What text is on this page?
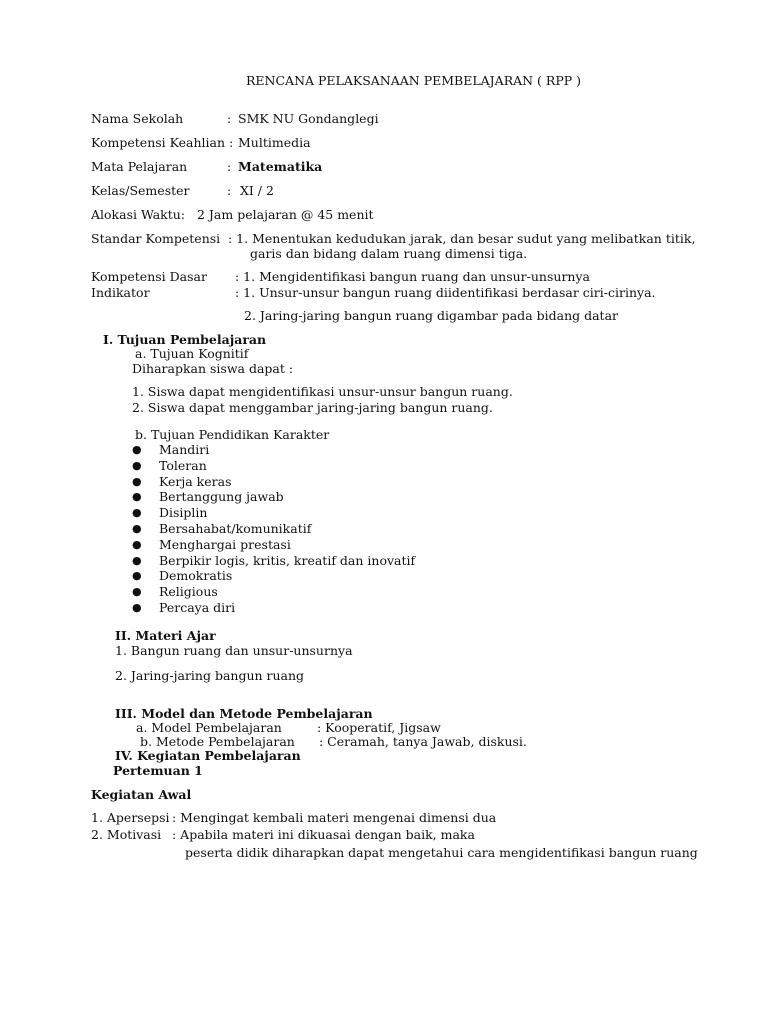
RENCANA PELAKSANAAN PEMBELAJARAN ( RPP )
Nama Sekolah	: SMK NU Gondanglegi
Kompetensi Keahlian : Multimedia
Mata Pelajaran	: Matematika
Kelas/Semester	: XI / 2
Alokasi Waktu: 2 Jam pelajaran @ 45 menit
Standar Kompetensi : 1. Menentukan kedudukan jarak, dan besar sudut yang melibatkan titik,
garis dan bidang dalam ruang dimensi tiga.
Kompetensi Dasar : 1. Mengidentifikasi bangun ruang dan unsur-unsurnya
Indikator	: 1. Unsur-unsur bangun ruang diidentifikasi berdasar ciri-cirinya.
2. Jaring-jaring bangun ruang digambar pada bidang datar
I. Tujuan Pembelajaran
a. Tujuan Kognitif
Diharapkan siswa dapat :
1. Siswa dapat mengidentifikasi unsur-unsur bangun ruang.
2. Siswa dapat menggambar jaring-jaring bangun ruang.
b. Tujuan Pendidikan Karakter
● Mandiri
● Toleran
● Kerja keras
● Bertanggung jawab
● Disiplin
● Bersahabat/komunikatif
● Menghargai prestasi
● Berpikir logis, kritis, kreatif dan inovatif
● Demokratis
● Religious
● Percaya diri
II. Materi Ajar
1. Bangun ruang dan unsur-unsurnya
2. Jaring-jaring bangun ruang
III. Model dan Metode Pembelajaran
a. Model Pembelajaran	: Kooperatif, Jigsaw
b. Metode Pembelajaran : Ceramah, tanya Jawab, diskusi.
IV. Kegiatan Pembelajaran
Pertemuan 1
Kegiatan Awal
1. Apersepsi : Mengingat kembali materi mengenai dimensi dua
2. Motivasi : Apabila materi ini dikuasai dengan baik, maka
peserta didik diharapkan dapat mengetahui cara mengidentifikasi bangun ruang
